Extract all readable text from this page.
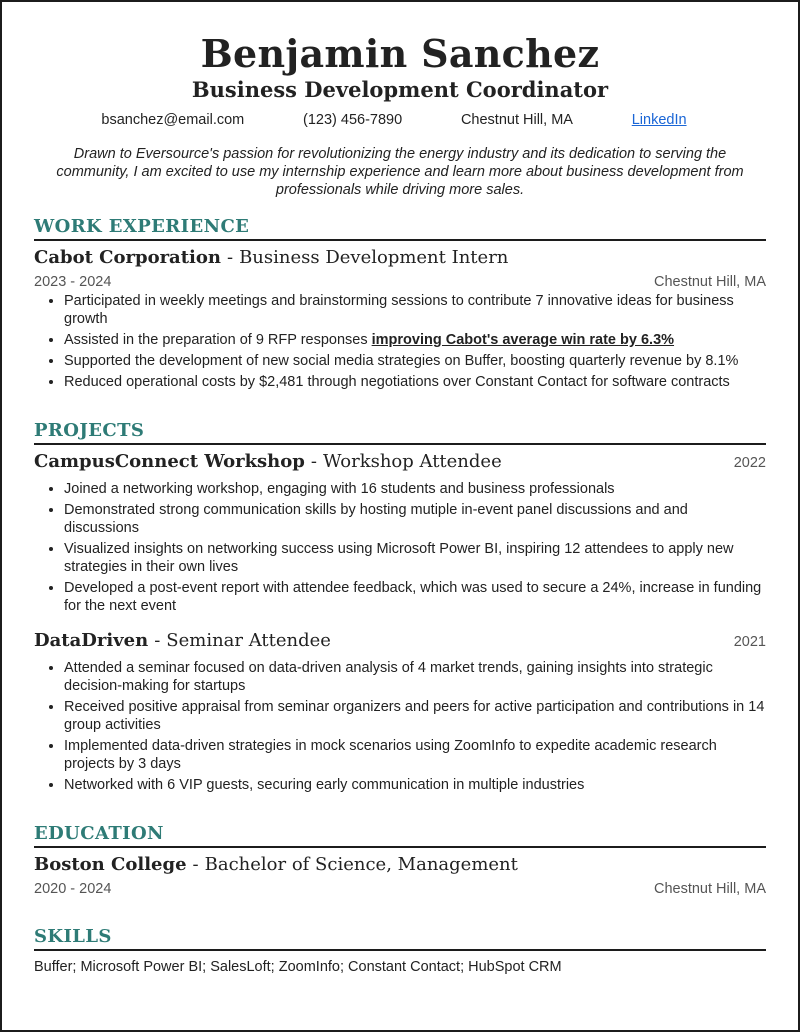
Benjamin Sanchez
Business Development Coordinator
bsanchez@email.com	(123) 456-7890	Chestnut Hill, MA	LinkedIn
Drawn to Eversource's passion for revolutionizing the energy industry and its dedication to serving the community, I am excited to use my internship experience and learn more about business development from professionals while driving more sales.
WORK EXPERIENCE
Cabot Corporation - Business Development Intern
2023 - 2024	Chestnut Hill, MA
• Participated in weekly meetings and brainstorming sessions to contribute 7 innovative ideas for business growth
• Assisted in the preparation of 9 RFP responses improving Cabot's average win rate by 6.3%
• Supported the development of new social media strategies on Buffer, boosting quarterly revenue by 8.1%
• Reduced operational costs by $2,481 through negotiations over Constant Contact for software contracts
PROJECTS
CampusConnect Workshop - Workshop Attendee	2022
• Joined a networking workshop, engaging with 16 students and business professionals
• Demonstrated strong communication skills by hosting mutiple in-event panel discussions and and discussions
• Visualized insights on networking success using Microsoft Power BI, inspiring 12 attendees to apply new strategies in their own lives
• Developed a post-event report with attendee feedback, which was used to secure a 24%, increase in funding for the next event
DataDriven - Seminar Attendee	2021
• Attended a seminar focused on data-driven analysis of 4 market trends, gaining insights into strategic decision-making for startups
• Received positive appraisal from seminar organizers and peers for active participation and contributions in 14 group activities
• Implemented data-driven strategies in mock scenarios using ZoomInfo to expedite academic research projects by 3 days
• Networked with 6 VIP guests, securing early communication in multiple industries
EDUCATION
Boston College - Bachelor of Science, Management
2020 - 2024	Chestnut Hill, MA
SKILLS
Buffer; Microsoft Power BI; SalesLoft; ZoomInfo; Constant Contact; HubSpot CRM
